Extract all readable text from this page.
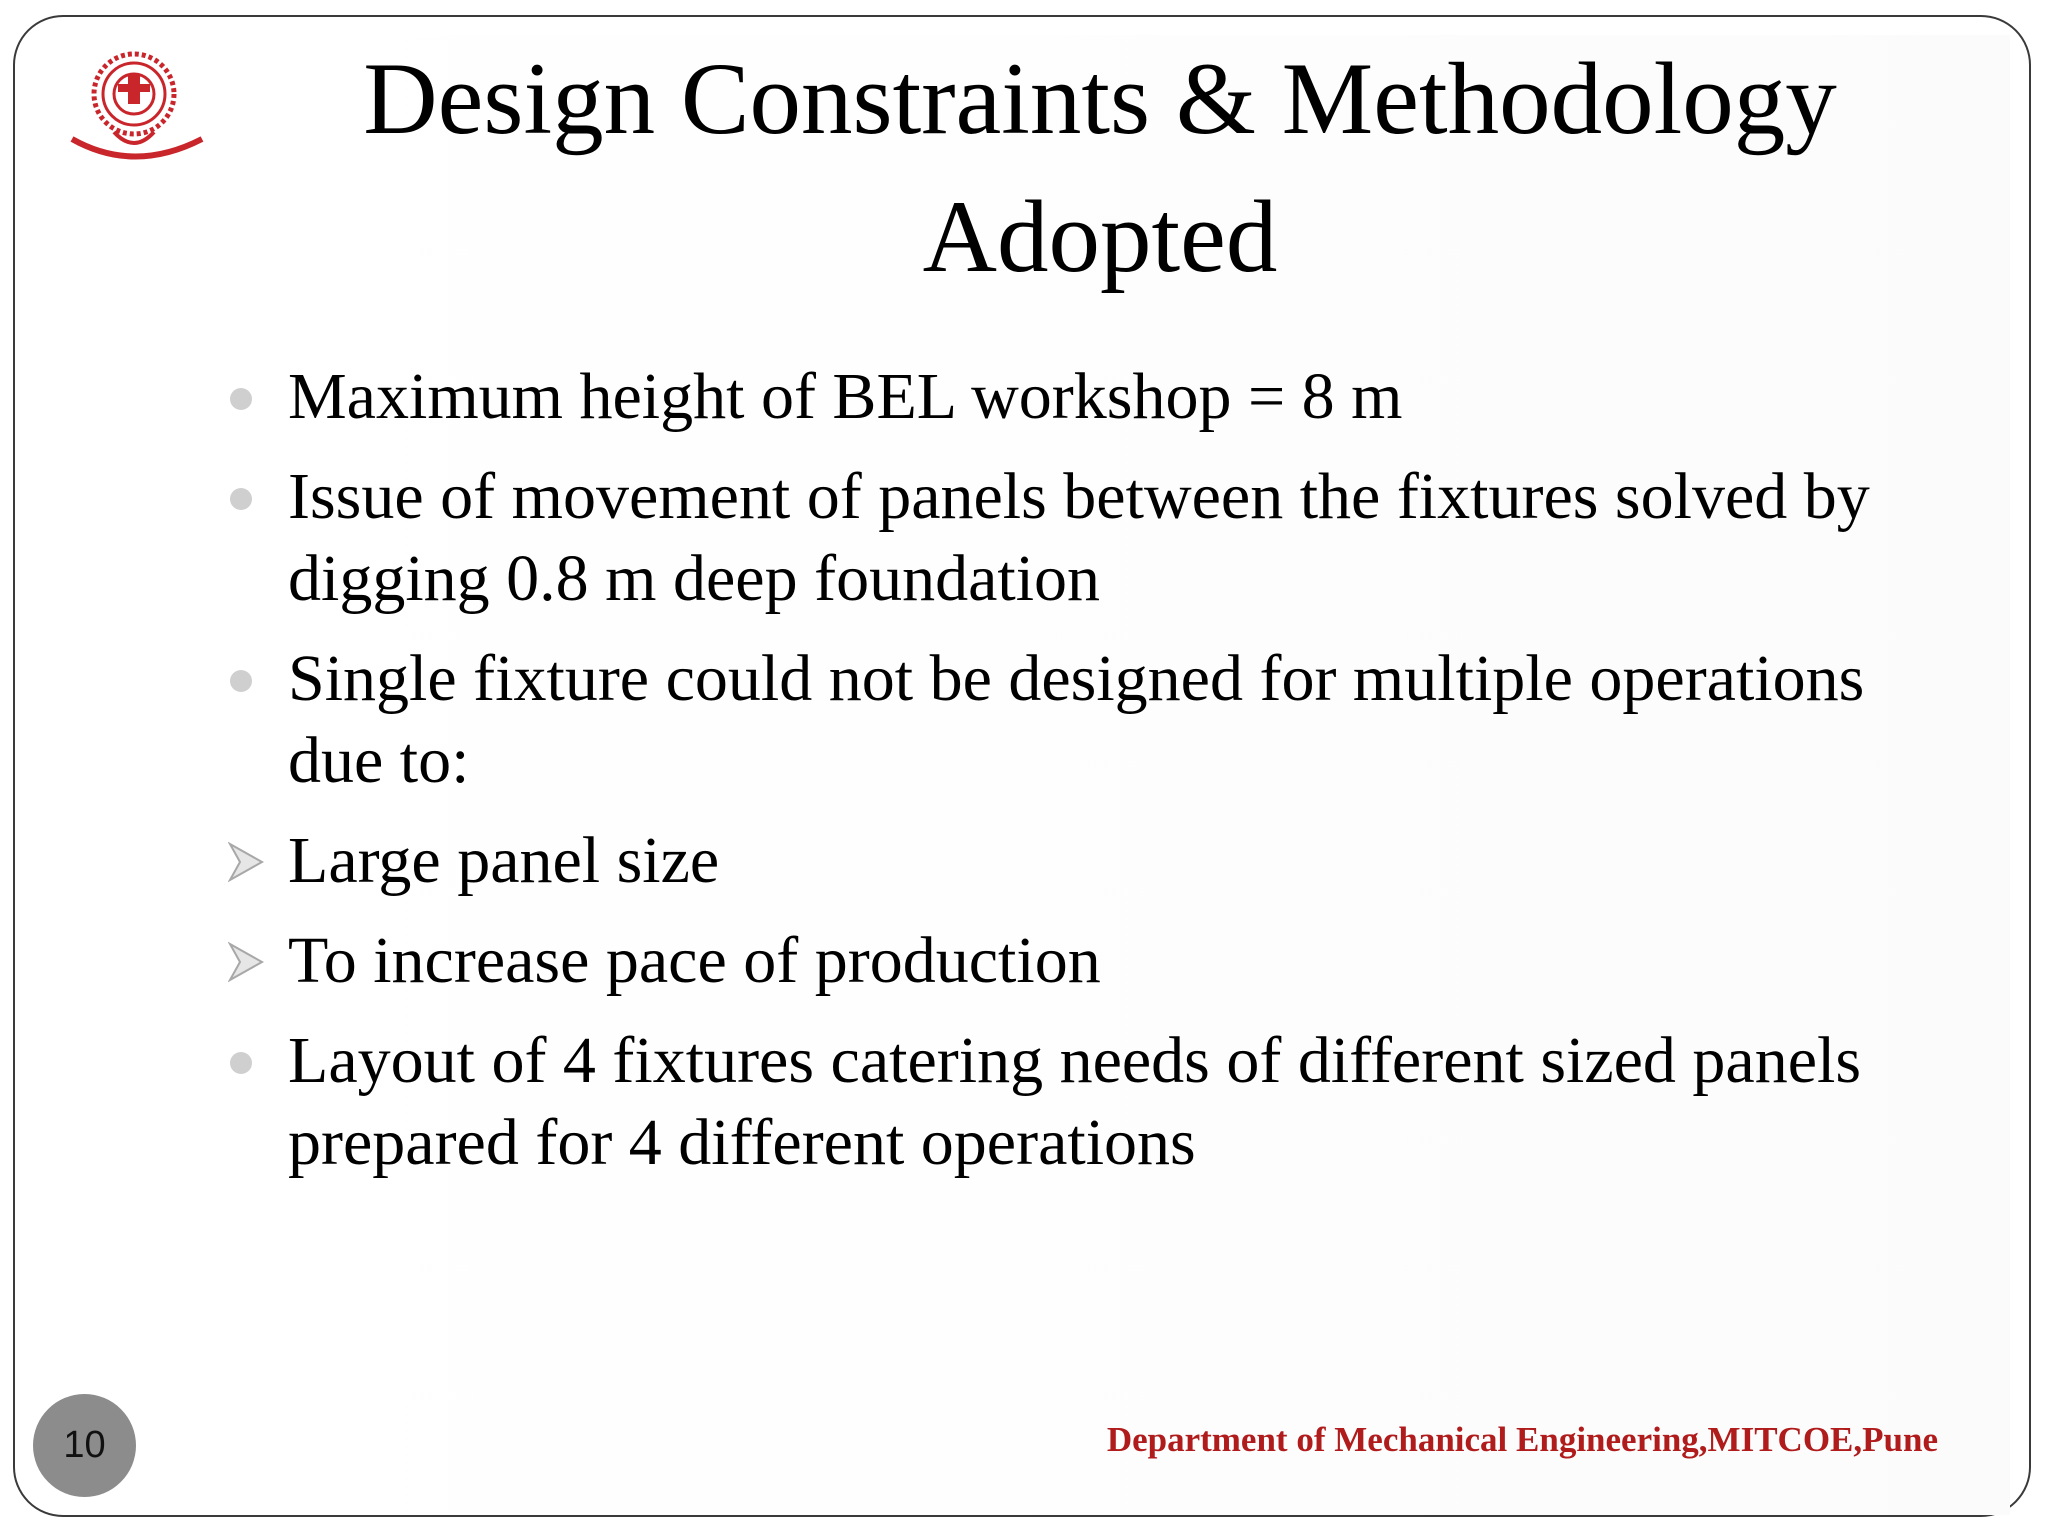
Design Constraints & Methodology
Adopted
Maximum height of BEL workshop = 8 m
Issue of movement of panels between the fixtures solved by digging 0.8 m deep foundation
Single fixture could not be designed for multiple operations due to:
Large panel size
To increase pace of production
Layout of 4 fixtures catering needs of different sized panels prepared for 4 different operations
10	Department of Mechanical Engineering,MITCOE,Pune
